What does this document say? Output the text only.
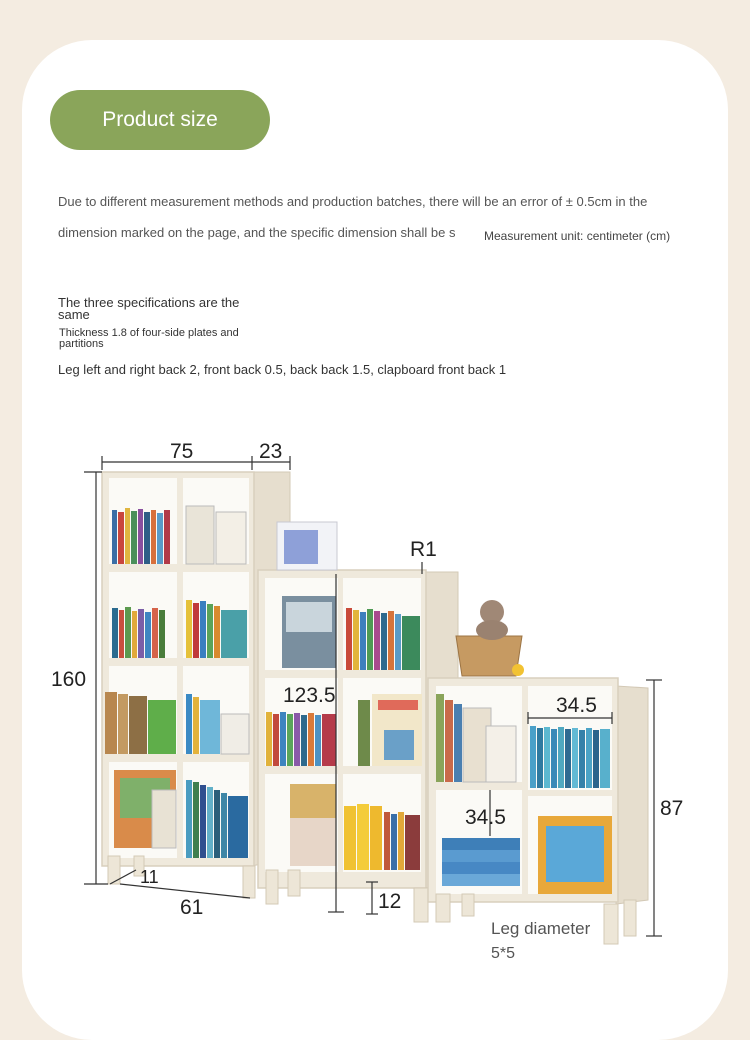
Product size
Due to different measurement methods and production batches, there will be an error of ± 0.5cm in the
dimension marked on the page, and the specific dimension shall be s Measurement unit: centimeter (cm)
The three specifications are the same
Thickness 1.8 of four-side plates and partitions
Leg left and right back 2, front back 0.5, back back 1.5, clapboard front back 1
75	23
160
R1
123.5	34.5
34.5	87
11
61	12
Leg diameter
5*5
